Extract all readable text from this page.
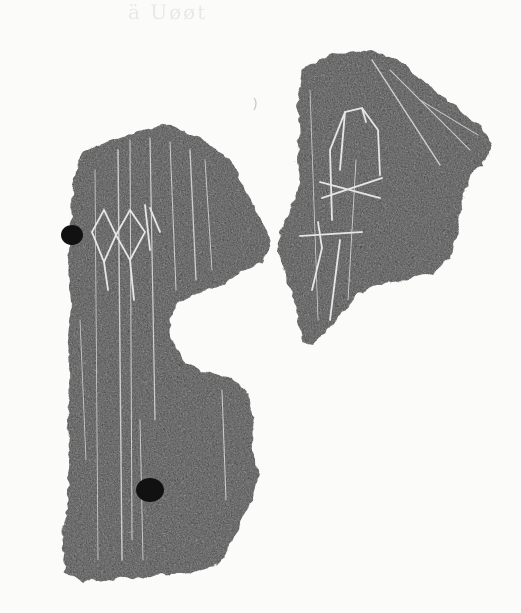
ä Uøøt
